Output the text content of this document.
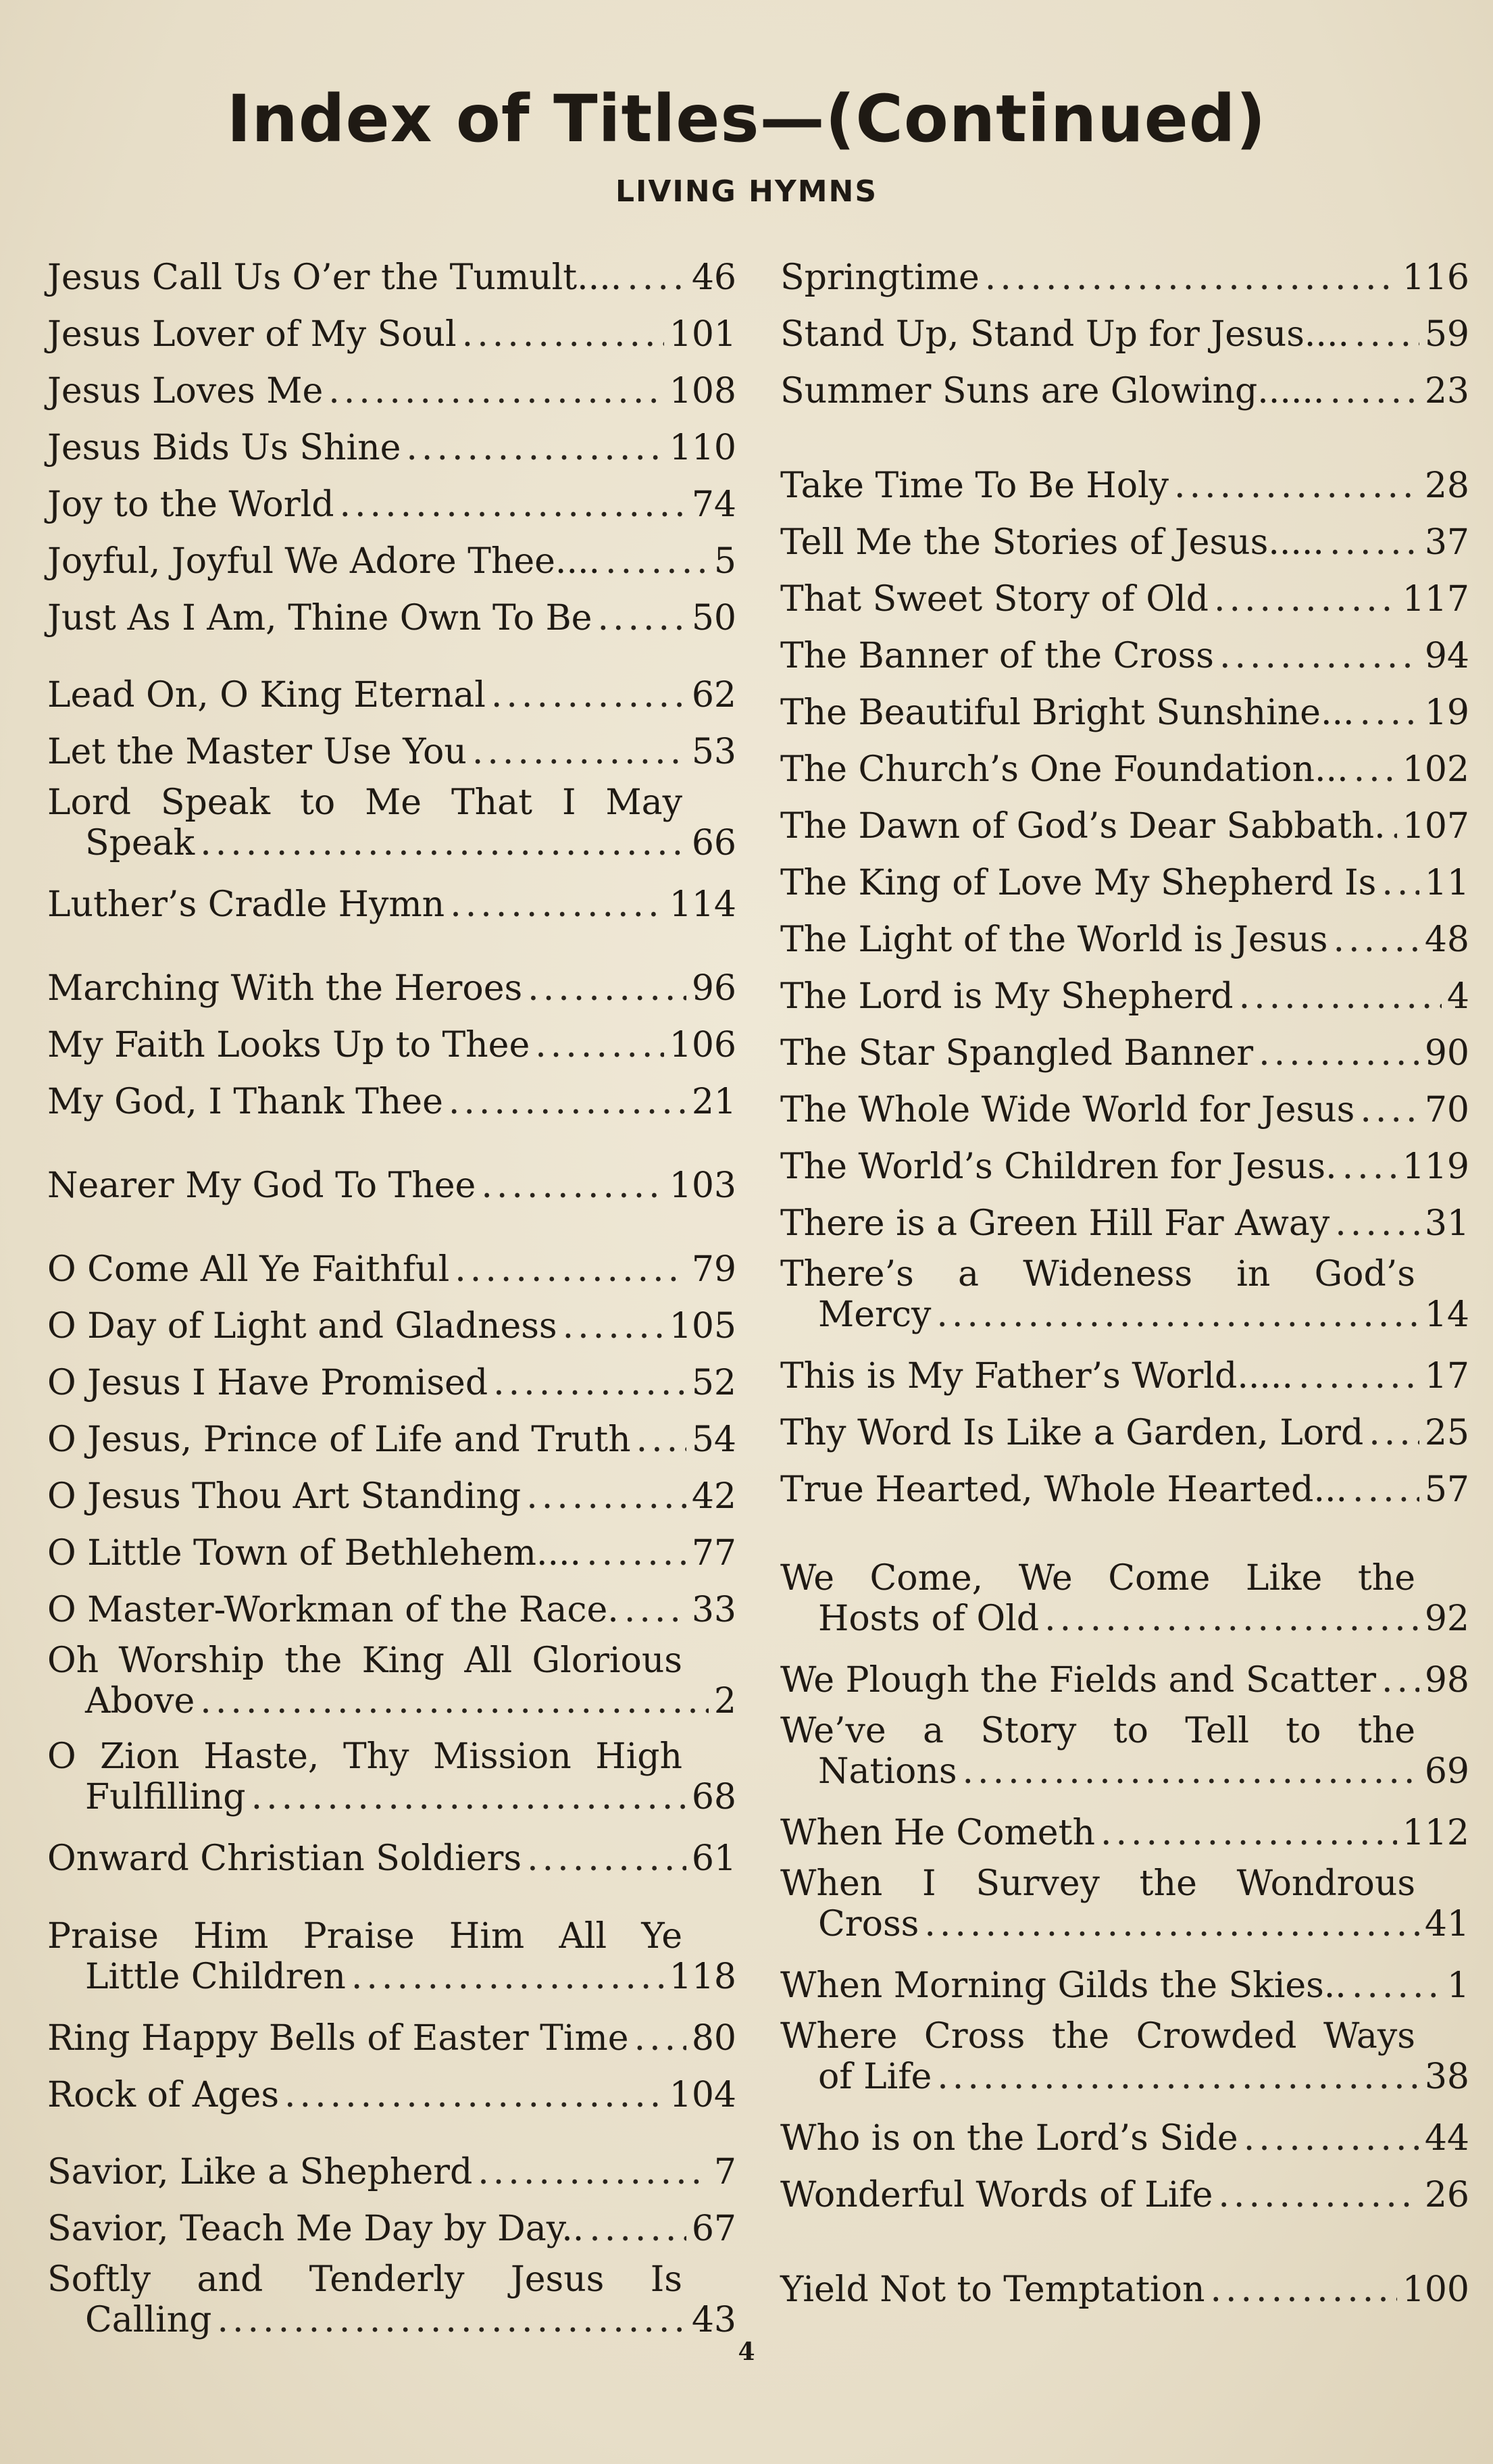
Index of Titles—(Continued)
LIVING HYMNS
Jesus Call Us O’er the Tumult.... ..... 46
Jesus Lover of My Soul .....	101
Jesus Loves Me .....	108
Jesus Bids Us Shine .....	110
Joy to the World .....	74
Joyful, Joyful We Adore Thee.... .....	5
Just As I Am, Thine Own To Be .....	50
Lead On, O King Eternal .....	62
Let the Master Use You .....	53
Lord Speak to Me That I May
Speak .....	66
Luther’s Cradle Hymn .....	114
Marching With the Heroes .....	96
My Faith Looks Up to Thee .....	106
My God, I Thank Thee .....	21
Nearer My God To Thee .....	103
O Come All Ye Faithful .....	79
O Day of Light and Gladness .....	105
O Jesus I Have Promised .....	52
O Jesus, Prince of Life and Truth ..... 54
O Jesus Thou Art Standing .....	42
O Little Town of Bethlehem.... .....	77
O Master-Workman of the Race. ..... 33
Oh Worship the King All Glorious
Above .....	2
O Zion Haste, Thy Mission High
Fulfilling .....	68
Onward Christian Soldiers .....	61
Praise Him Praise Him All Ye
Little Children .....	118
Ring Happy Bells of Easter Time ..... 80
Rock of Ages .....	104
Savior, Like a Shepherd .....	7
Savior, Teach Me Day by Day.. .....	67
Softly and Tenderly Jesus Is
Calling .....	43
Springtime .....	116
Stand Up, Stand Up for Jesus.... ..... 59
Summer Suns are Glowing...... .....	23
Take Time To Be Holy .....	28
Tell Me the Stories of Jesus..... .....	37
That Sweet Story of Old .....	117
The Banner of the Cross .....	94
The Beautiful Bright Sunshine... ..... 19
The Church’s One Foundation... ..... 102
The Dawn of God’s Dear Sabbath. ..... 107
The King of Love My Shepherd Is ..... 11
The Light of the World is Jesus .....	48
The Lord is My Shepherd .....	4
The Star Spangled Banner .....	90
The Whole Wide World for Jesus ..... 70
The World’s Children for Jesus. ..... 119
There is a Green Hill Far Away .....	31
There’s a Wideness in God’s
Mercy .....	14
This is My Father’s World..... .....	17
Thy Word Is Like a Garden, Lord ..... 25
True Hearted, Whole Hearted... ..... 57
We Come, We Come Like the
Hosts of Old .....	92
We Plough the Fields and Scatter ..... 98
We’ve a Story to Tell to the
Nations .....	69
When He Cometh .....	112
When I Survey the Wondrous
Cross .....	41
When Morning Gilds the Skies.. .....	1
Where Cross the Crowded Ways
of Life .....	38
Who is on the Lord’s Side .....	44
Wonderful Words of Life .....	26
Yield Not to Temptation .....	100
4
